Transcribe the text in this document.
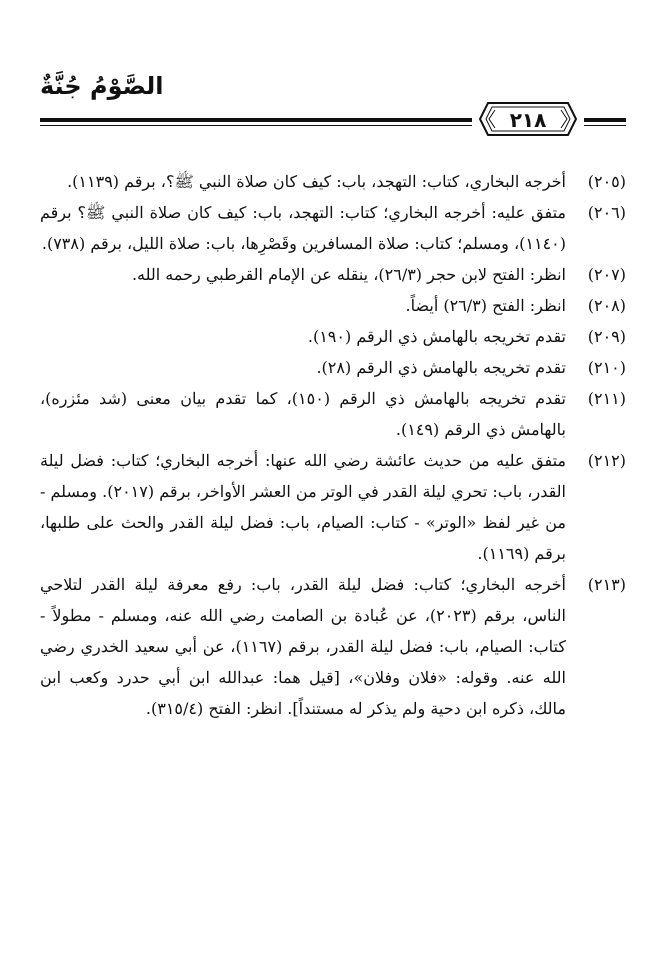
الصَّوْمُ جُنَّةٌ
٢١٨
(٢٠٥)
أخرجه البخاري، كتاب: التهجد، باب: كيف كان صلاة النبي ﷺ؟، برقم (١١٣٩).
(٢٠٦)
متفق عليه: أخرجه البخاري؛ كتاب: التهجد، باب: كيف كان صلاة النبي ﷺ؟ برقم (١١٤٠)، ومسلم؛ كتاب: صلاة المسافرين وقَصْرِها، باب: صلاة الليل، برقم (٧٣٨).
(٢٠٧)
انظر: الفتح لابن حجر (٢٦/٣)، ينقله عن الإمام القرطبي رحمه الله.
(٢٠٨)
انظر: الفتح (٢٦/٣) أيضاً.
(٢٠٩)
تقدم تخريجه بالهامش ذي الرقم (١٩٠).
(٢١٠)
تقدم تخريجه بالهامش ذي الرقم (٢٨).
(٢١١)
تقدم تخريجه بالهامش ذي الرقم (١٥٠)، كما تقدم بيان معنى (شد مئزره)، بالهامش ذي الرقم (١٤٩).
(٢١٢)
متفق عليه من حديث عائشة رضي الله عنها: أخرجه البخاري؛ كتاب: فضل ليلة القدر، باب: تحري ليلة القدر في الوتر من العشر الأواخر، برقم (٢٠١٧). ومسلم - من غير لفظ «الوتر» - كتاب: الصيام، باب: فضل ليلة القدر والحث على طلبها، برقم (١١٦٩).
(٢١٣)
أخرجه البخاري؛ كتاب: فضل ليلة القدر، باب: رفع معرفة ليلة القدر لتلاحي الناس، برقم (٢٠٢٣)، عن عُبادة بن الصامت رضي الله عنه، ومسلم - مطولاً - كتاب: الصيام، باب: فضل ليلة القدر، برقم (١١٦٧)، عن أبي سعيد الخدري رضي الله عنه. وقوله: «فلان وفلان»، [قيل هما: عبدالله ابن أبي حدرد وكعب ابن مالك، ذكره ابن دحية ولم يذكر له مستنداً]. انظر: الفتح (٣١٥/٤).
